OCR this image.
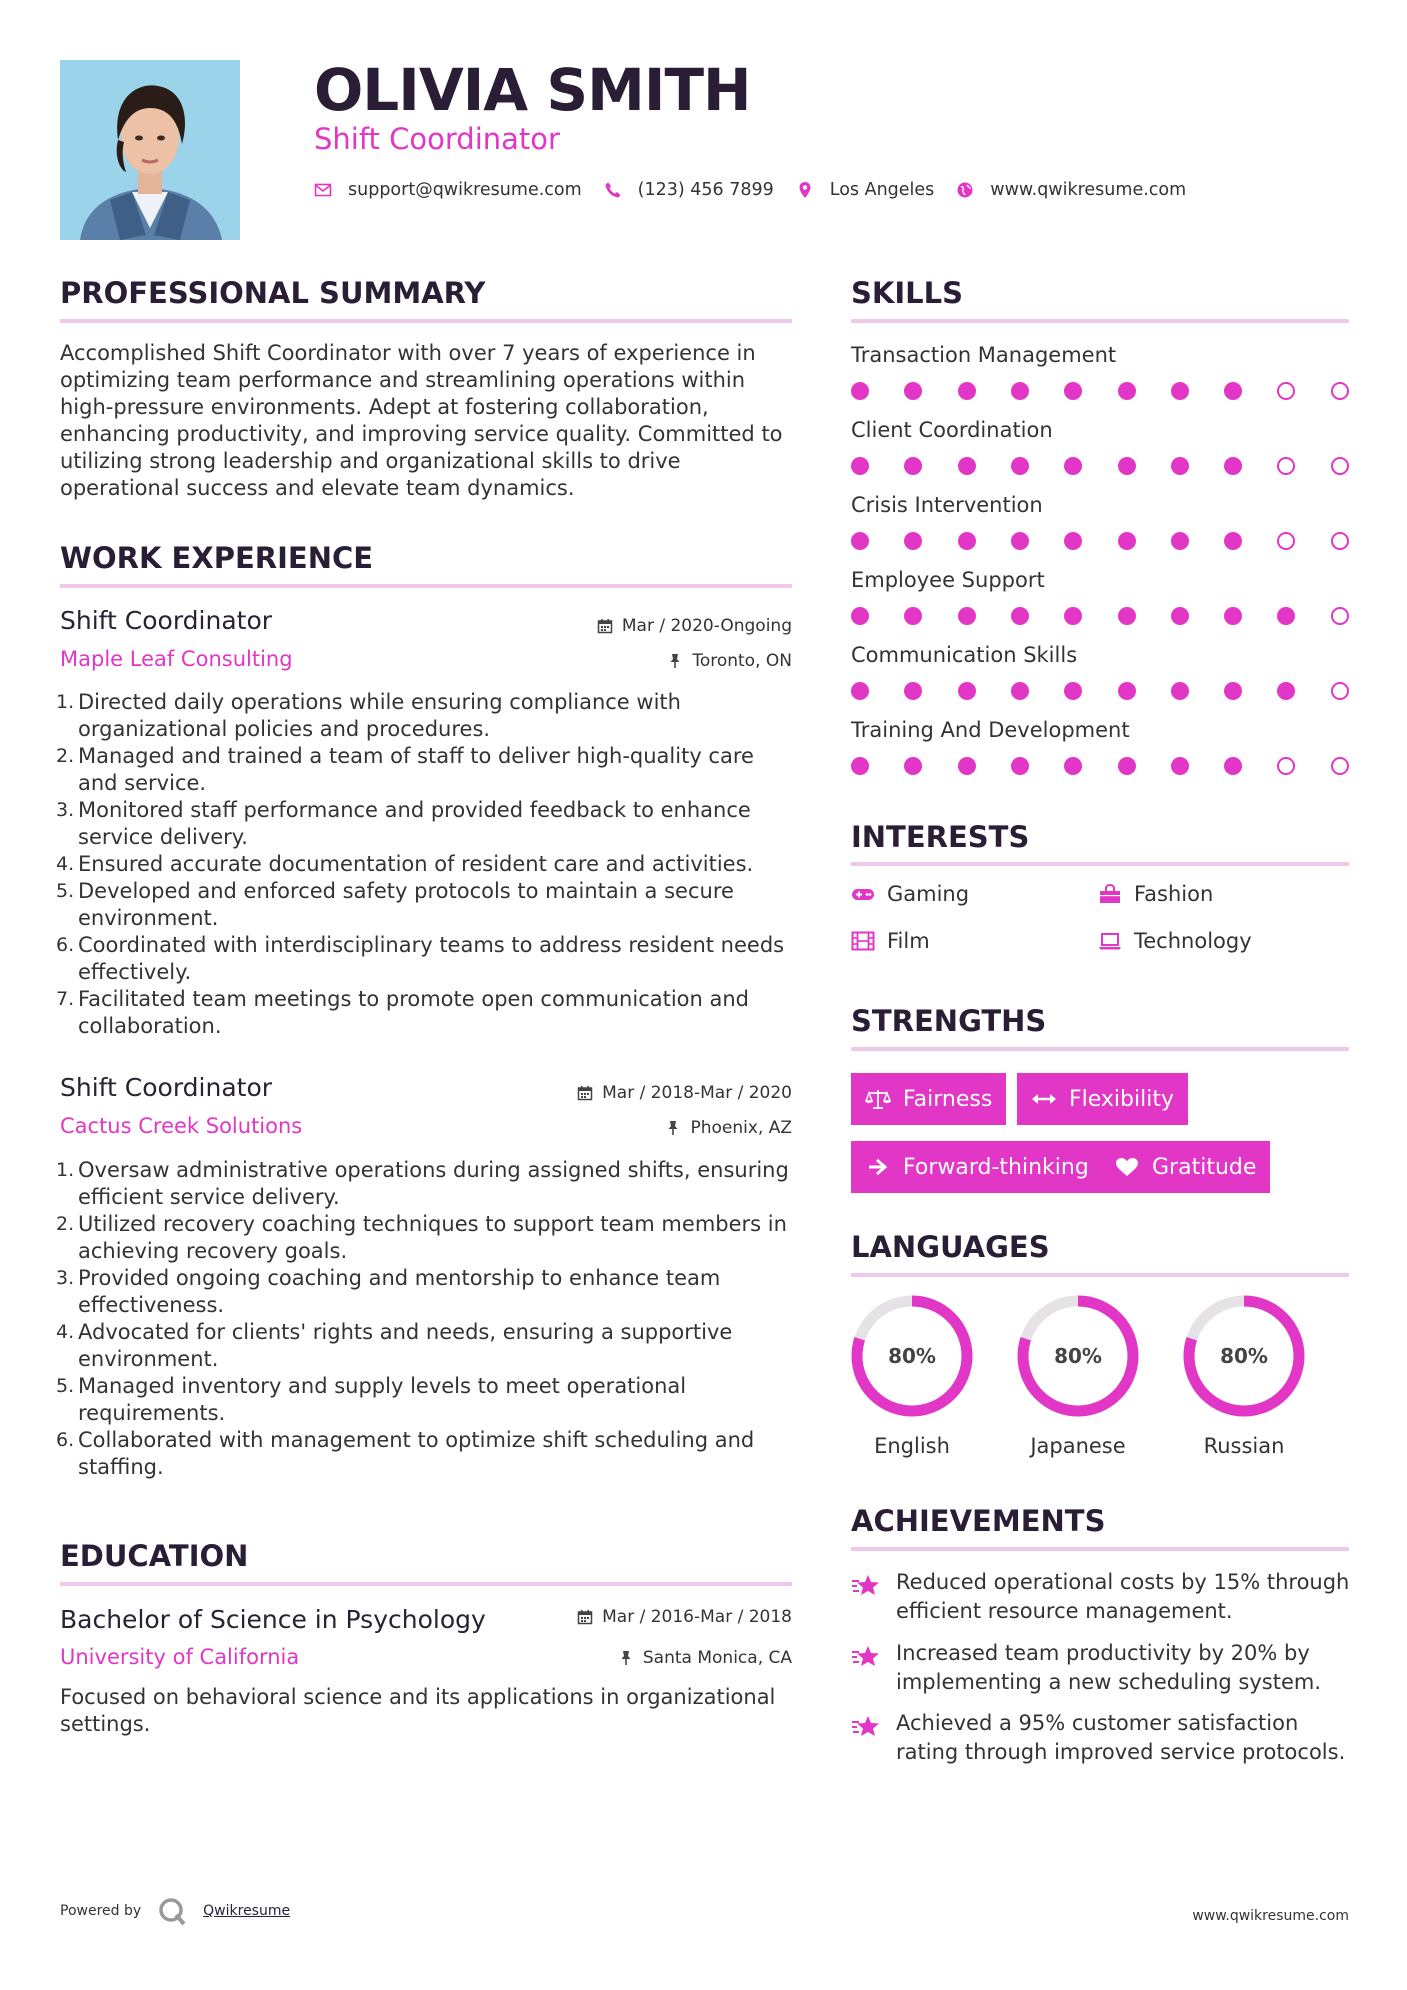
OLIVIA SMITH
Shift Coordinator
support@qwikresume.com	(123) 456 7899	Los Angeles	www.qwikresume.com
PROFESSIONAL SUMMARY
Accomplished Shift Coordinator with over 7 years of experience in optimizing team performance and streamlining operations within high-pressure environments. Adept at fostering collaboration, enhancing productivity, and improving service quality. Committed to utilizing strong leadership and organizational skills to drive operational success and elevate team dynamics.
WORK EXPERIENCE
Shift Coordinator	Mar / 2020-Ongoing
Maple Leaf Consulting	Toronto, ON
Directed daily operations while ensuring compliance with organizational policies and procedures.
Managed and trained a team of staff to deliver high-quality care and service.
Monitored staff performance and provided feedback to enhance service delivery.
Ensured accurate documentation of resident care and activities.
Developed and enforced safety protocols to maintain a secure environment.
Coordinated with interdisciplinary teams to address resident needs effectively.
Facilitated team meetings to promote open communication and collaboration.
Shift Coordinator	Mar / 2018-Mar / 2020
Cactus Creek Solutions	Phoenix, AZ
Oversaw administrative operations during assigned shifts, ensuring efficient service delivery.
Utilized recovery coaching techniques to support team members in achieving recovery goals.
Provided ongoing coaching and mentorship to enhance team effectiveness.
Advocated for clients' rights and needs, ensuring a supportive environment.
Managed inventory and supply levels to meet operational requirements.
Collaborated with management to optimize shift scheduling and staffing.
EDUCATION
Bachelor of Science in Psychology	Mar / 2016-Mar / 2018
University of California	Santa Monica, CA
Focused on behavioral science and its applications in organizational settings.
SKILLS
Transaction Management
Client Coordination
Crisis Intervention
Employee Support
Communication Skills
Training And Development
INTERESTS
Gaming	Fashion
Film	Technology
STRENGTHS
Fairness	Flexibility
Forward-thinking	Gratitude
LANGUAGES
80%
English
80%
Japanese
80%
Russian
ACHIEVEMENTS
Reduced operational costs by 15% through efficient resource management.
Increased team productivity by 20% by implementing a new scheduling system.
Achieved a 95% customer satisfaction rating through improved service protocols.
Powered by	Qwikresume	www.qwikresume.com
